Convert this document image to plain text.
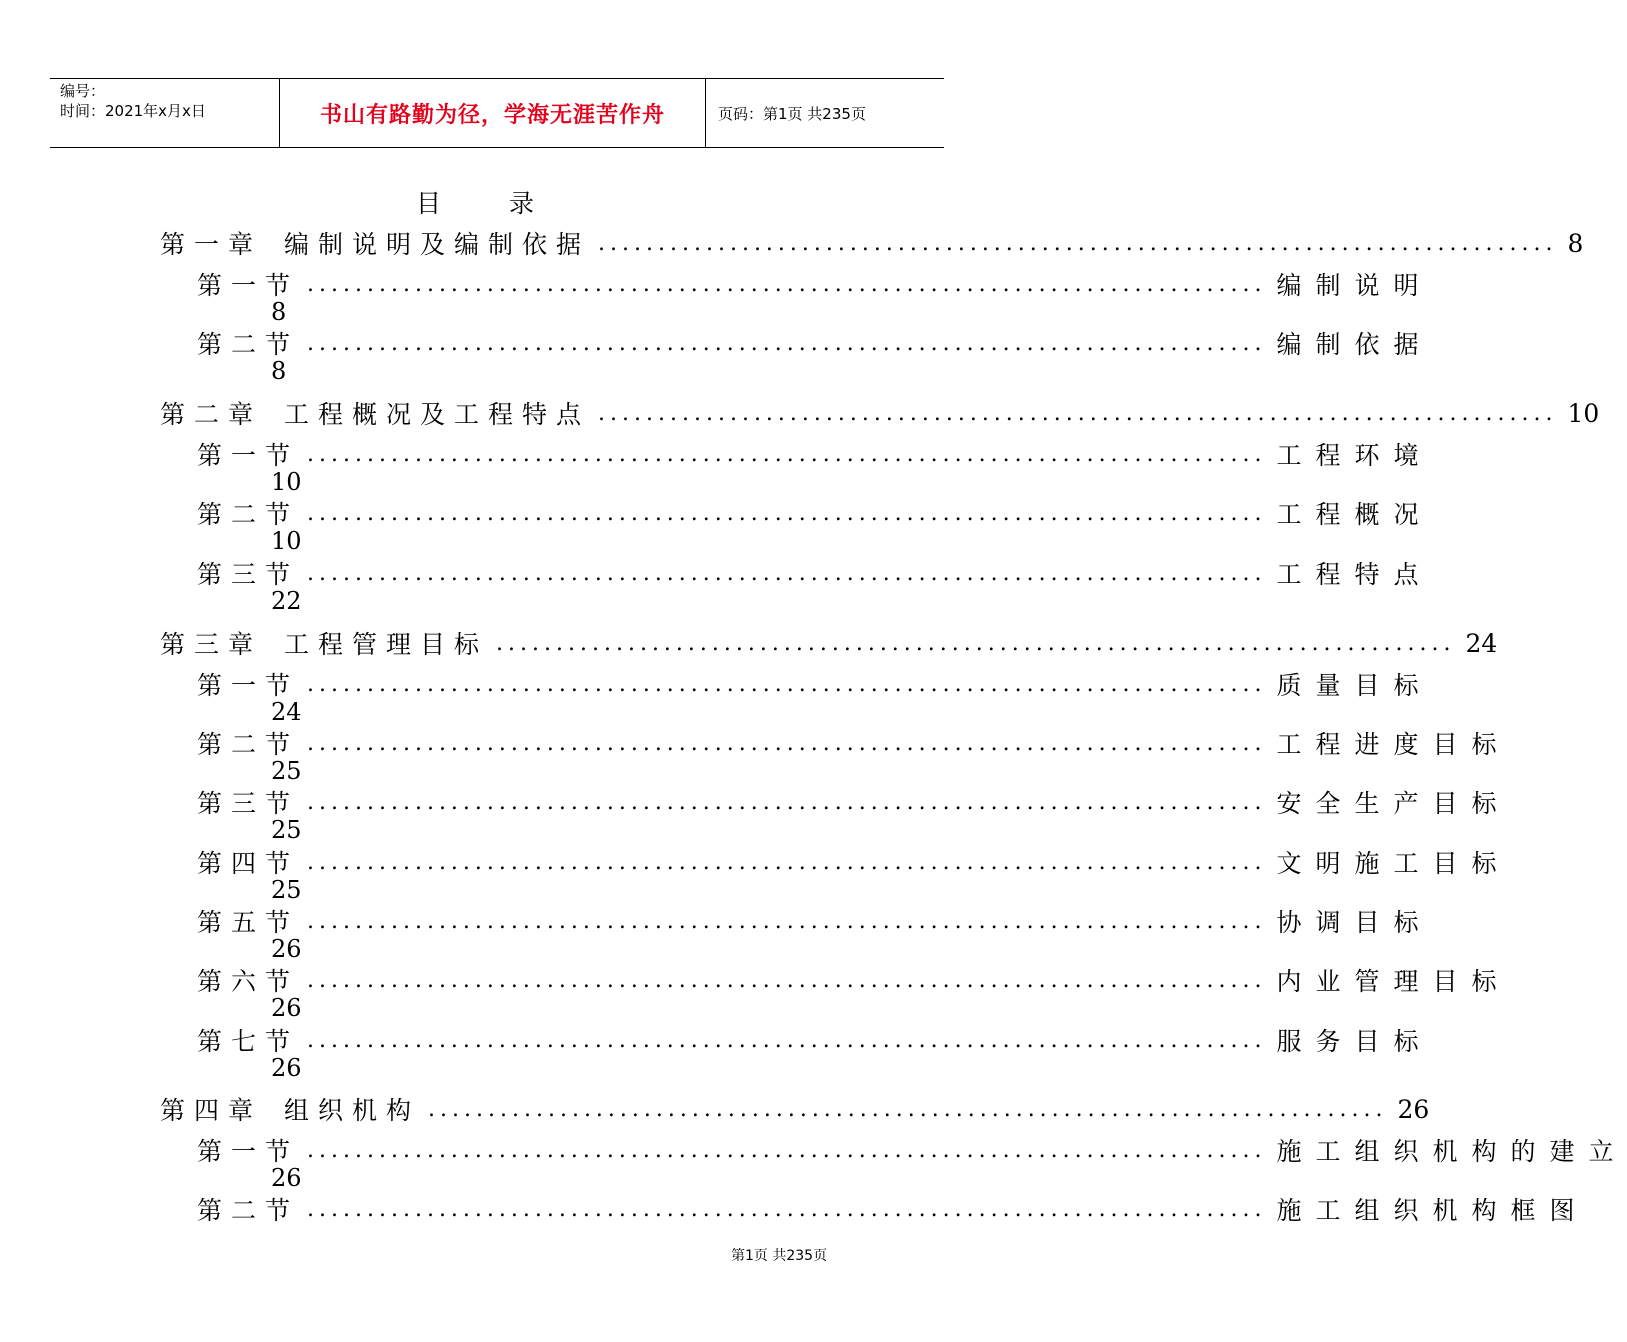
编号：
时间：2021年x月x日	书山有路勤为径，学海无涯苦作舟	页码：第1页 共235页
目 录
第一章 编制说明及编制依据 ................................................................................ 8
8
第一节 ................................................................................ 编制说明
8
第二节 ................................................................................ 编制依据
第二章 工程概况及工程特点 ................................................................................ 10
10
第一节 ................................................................................ 工程环境
10
第二节 ................................................................................ 工程概况
22
第三节 ................................................................................ 工程特点
第三章 工程管理目标 ................................................................................ 24
24
第一节 ................................................................................ 质量目标
25
第二节 ................................................................................ 工程进度目标
25
第三节 ................................................................................ 安全生产目标
25
第四节 ................................................................................ 文明施工目标
26
第五节 ................................................................................ 协调目标
26
第六节 ................................................................................ 内业管理目标
26
第七节 ................................................................................ 服务目标
第四章 组织机构 ................................................................................ 26
26
第一节 ................................................................................ 施工组织机构的建立
第二节 ................................................................................ 施工组织机构框图
第1页 共235页
